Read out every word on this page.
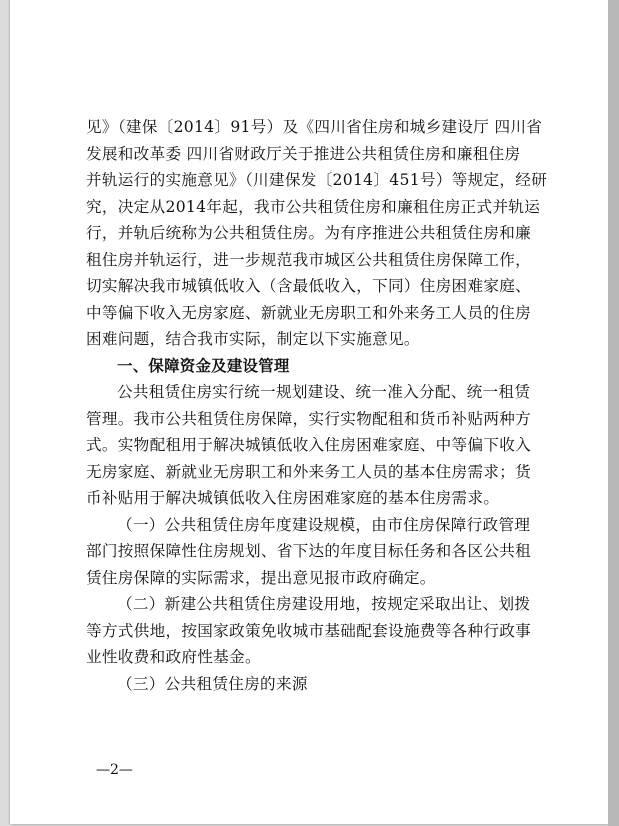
见》（建保〔2014〕91号）及《四川省住房和城乡建设厅 四川省
发展和改革委 四川省财政厅关于推进公共租赁住房和廉租住房
并轨运行的实施意见》（川建保发〔2014〕451号）等规定，经研
究，决定从2014年起，我市公共租赁住房和廉租住房正式并轨运
行，并轨后统称为公共租赁住房。为有序推进公共租赁住房和廉
租住房并轨运行，进一步规范我市城区公共租赁住房保障工作，
切实解决我市城镇低收入（含最低收入，下同）住房困难家庭、
中等偏下收入无房家庭、新就业无房职工和外来务工人员的住房
困难问题，结合我市实际，制定以下实施意见。
一、保障资金及建设管理
公共租赁住房实行统一规划建设、统一准入分配、统一租赁
管理。我市公共租赁住房保障，实行实物配租和货币补贴两种方
式。实物配租用于解决城镇低收入住房困难家庭、中等偏下收入
无房家庭、新就业无房职工和外来务工人员的基本住房需求；货
币补贴用于解决城镇低收入住房困难家庭的基本住房需求。
（一）公共租赁住房年度建设规模，由市住房保障行政管理
部门按照保障性住房规划、省下达的年度目标任务和各区公共租
赁住房保障的实际需求，提出意见报市政府确定。
（二）新建公共租赁住房建设用地，按规定采取出让、划拨
等方式供地，按国家政策免收城市基础配套设施费等各种行政事
业性收费和政府性基金。
（三）公共租赁住房的来源
—2—
